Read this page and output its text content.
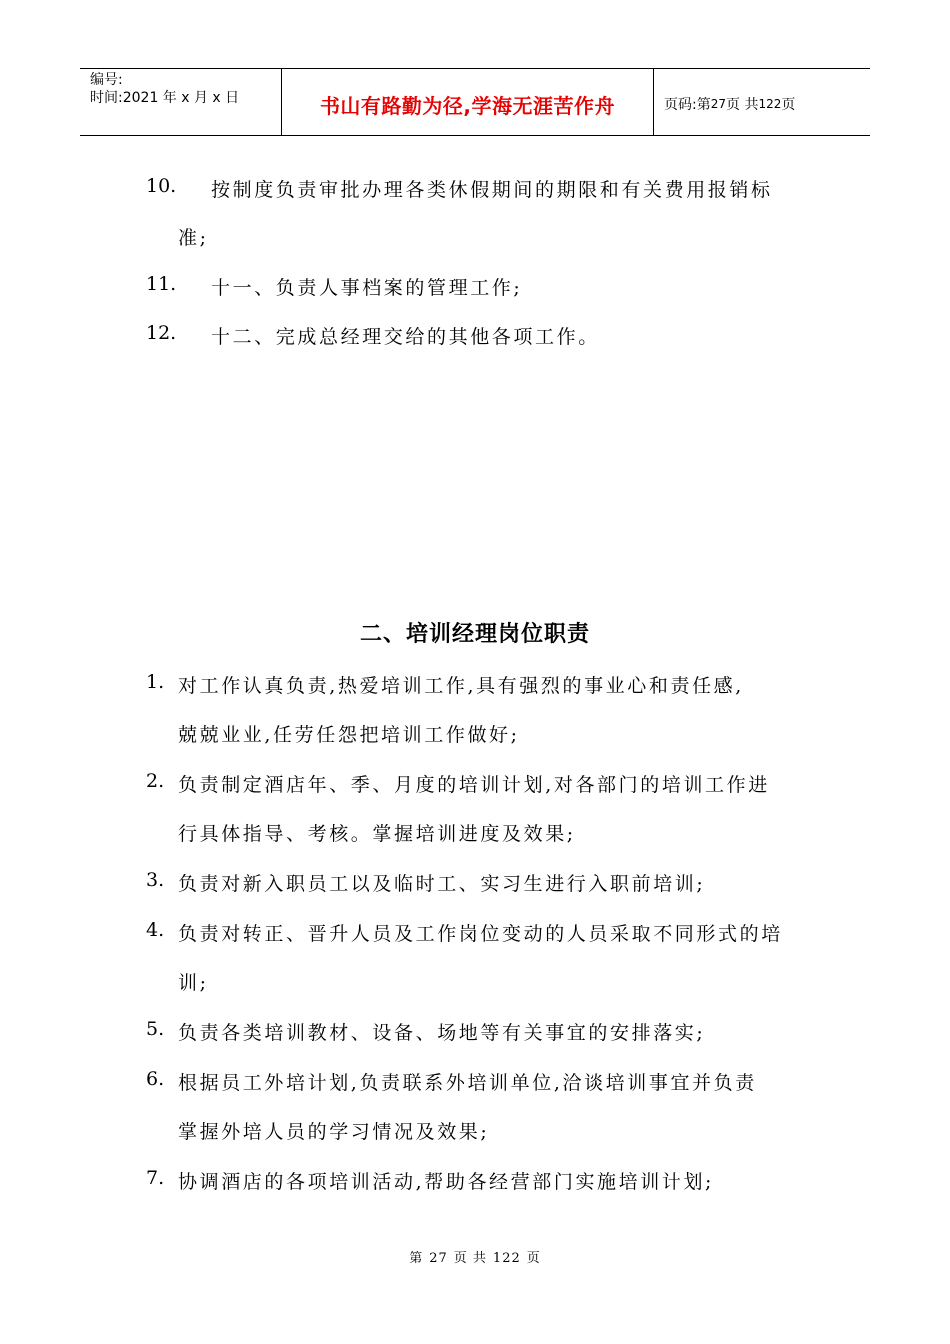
编号:
时间:2021 年 x 月 x 日	书山有路勤为径,学海无涯苦作舟	页码:第 27 页 共 122 页
10. 按制度负责审批办理各类休假期间的期限和有关费用报销标
准;
11. 十一、负责人事档案的管理工作;
12. 十二、完成总经理交给的其他各项工作。
二、培训经理岗位职责
1. 对工作认真负责,热爱培训工作,具有强烈的事业心和责任感,
兢兢业业,任劳任怨把培训工作做好;
2. 负责制定酒店年、季、月度的培训计划,对各部门的培训工作进
行具体指导、考核。掌握培训进度及效果;
3. 负责对新入职员工以及临时工、实习生进行入职前培训;
4. 负责对转正、晋升人员及工作岗位变动的人员采取不同形式的培
训;
5. 负责各类培训教材、设备、场地等有关事宜的安排落实;
6. 根据员工外培计划,负责联系外培训单位,洽谈培训事宜并负责
掌握外培人员的学习情况及效果;
7. 协调酒店的各项培训活动,帮助各经营部门实施培训计划;
第 27 页 共 122 页
